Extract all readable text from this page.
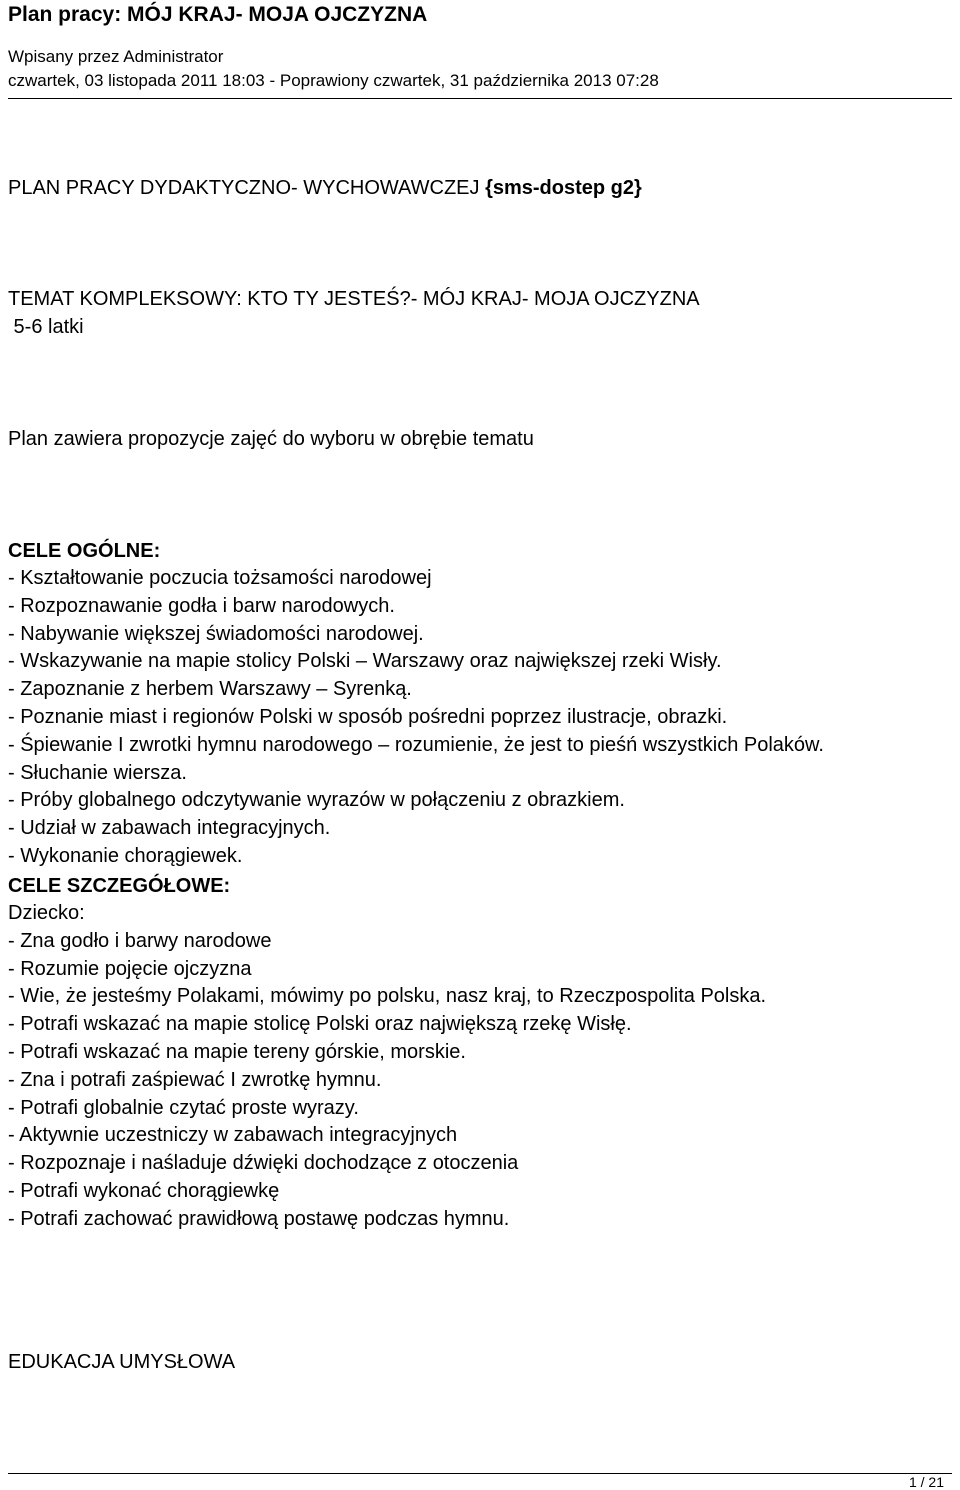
Plan pracy: MÓJ KRAJ- MOJA OJCZYZNA
Wpisany przez Administrator
czwartek, 03 listopada 2011 18:03 - Poprawiony czwartek, 31 października 2013 07:28
PLAN PRACY DYDAKTYCZNO- WYCHOWAWCZEJ {sms-dostep g2}
TEMAT KOMPLEKSOWY: KTO TY JESTEŚ?- MÓJ KRAJ- MOJA OJCZYZNA
5-6 latki
Plan zawiera propozycje zajęć do wyboru w obrębie tematu
CELE OGÓLNE:
- Kształtowanie poczucia tożsamości narodowej
- Rozpoznawanie godła i barw narodowych.
- Nabywanie większej świadomości narodowej.
- Wskazywanie na mapie stolicy Polski – Warszawy oraz największej rzeki Wisły.
- Zapoznanie z herbem Warszawy – Syrenką.
- Poznanie miast i regionów Polski w sposób pośredni poprzez ilustracje, obrazki.
- Śpiewanie I zwrotki hymnu narodowego – rozumienie, że jest to pieśń wszystkich Polaków.
- Słuchanie wiersza.
- Próby globalnego odczytywanie wyrazów w połączeniu z obrazkiem.
- Udział w zabawach integracyjnych.
- Wykonanie chorągiewek.
CELE SZCZEGÓŁOWE:
Dziecko:
- Zna godło i barwy narodowe
- Rozumie pojęcie ojczyzna
- Wie, że jesteśmy Polakami, mówimy po polsku, nasz kraj, to Rzeczpospolita Polska.
- Potrafi wskazać na mapie stolicę Polski oraz największą rzekę Wisłę.
- Potrafi wskazać na mapie tereny górskie, morskie.
- Zna i potrafi zaśpiewać I zwrotkę hymnu.
- Potrafi globalnie czytać proste wyrazy.
- Aktywnie uczestniczy w zabawach integracyjnych
- Rozpoznaje i naśladuje dźwięki dochodzące z otoczenia
- Potrafi wykonać chorągiewkę
- Potrafi zachować prawidłową postawę podczas hymnu.
EDUKACJA UMYSŁOWA
1 / 21
